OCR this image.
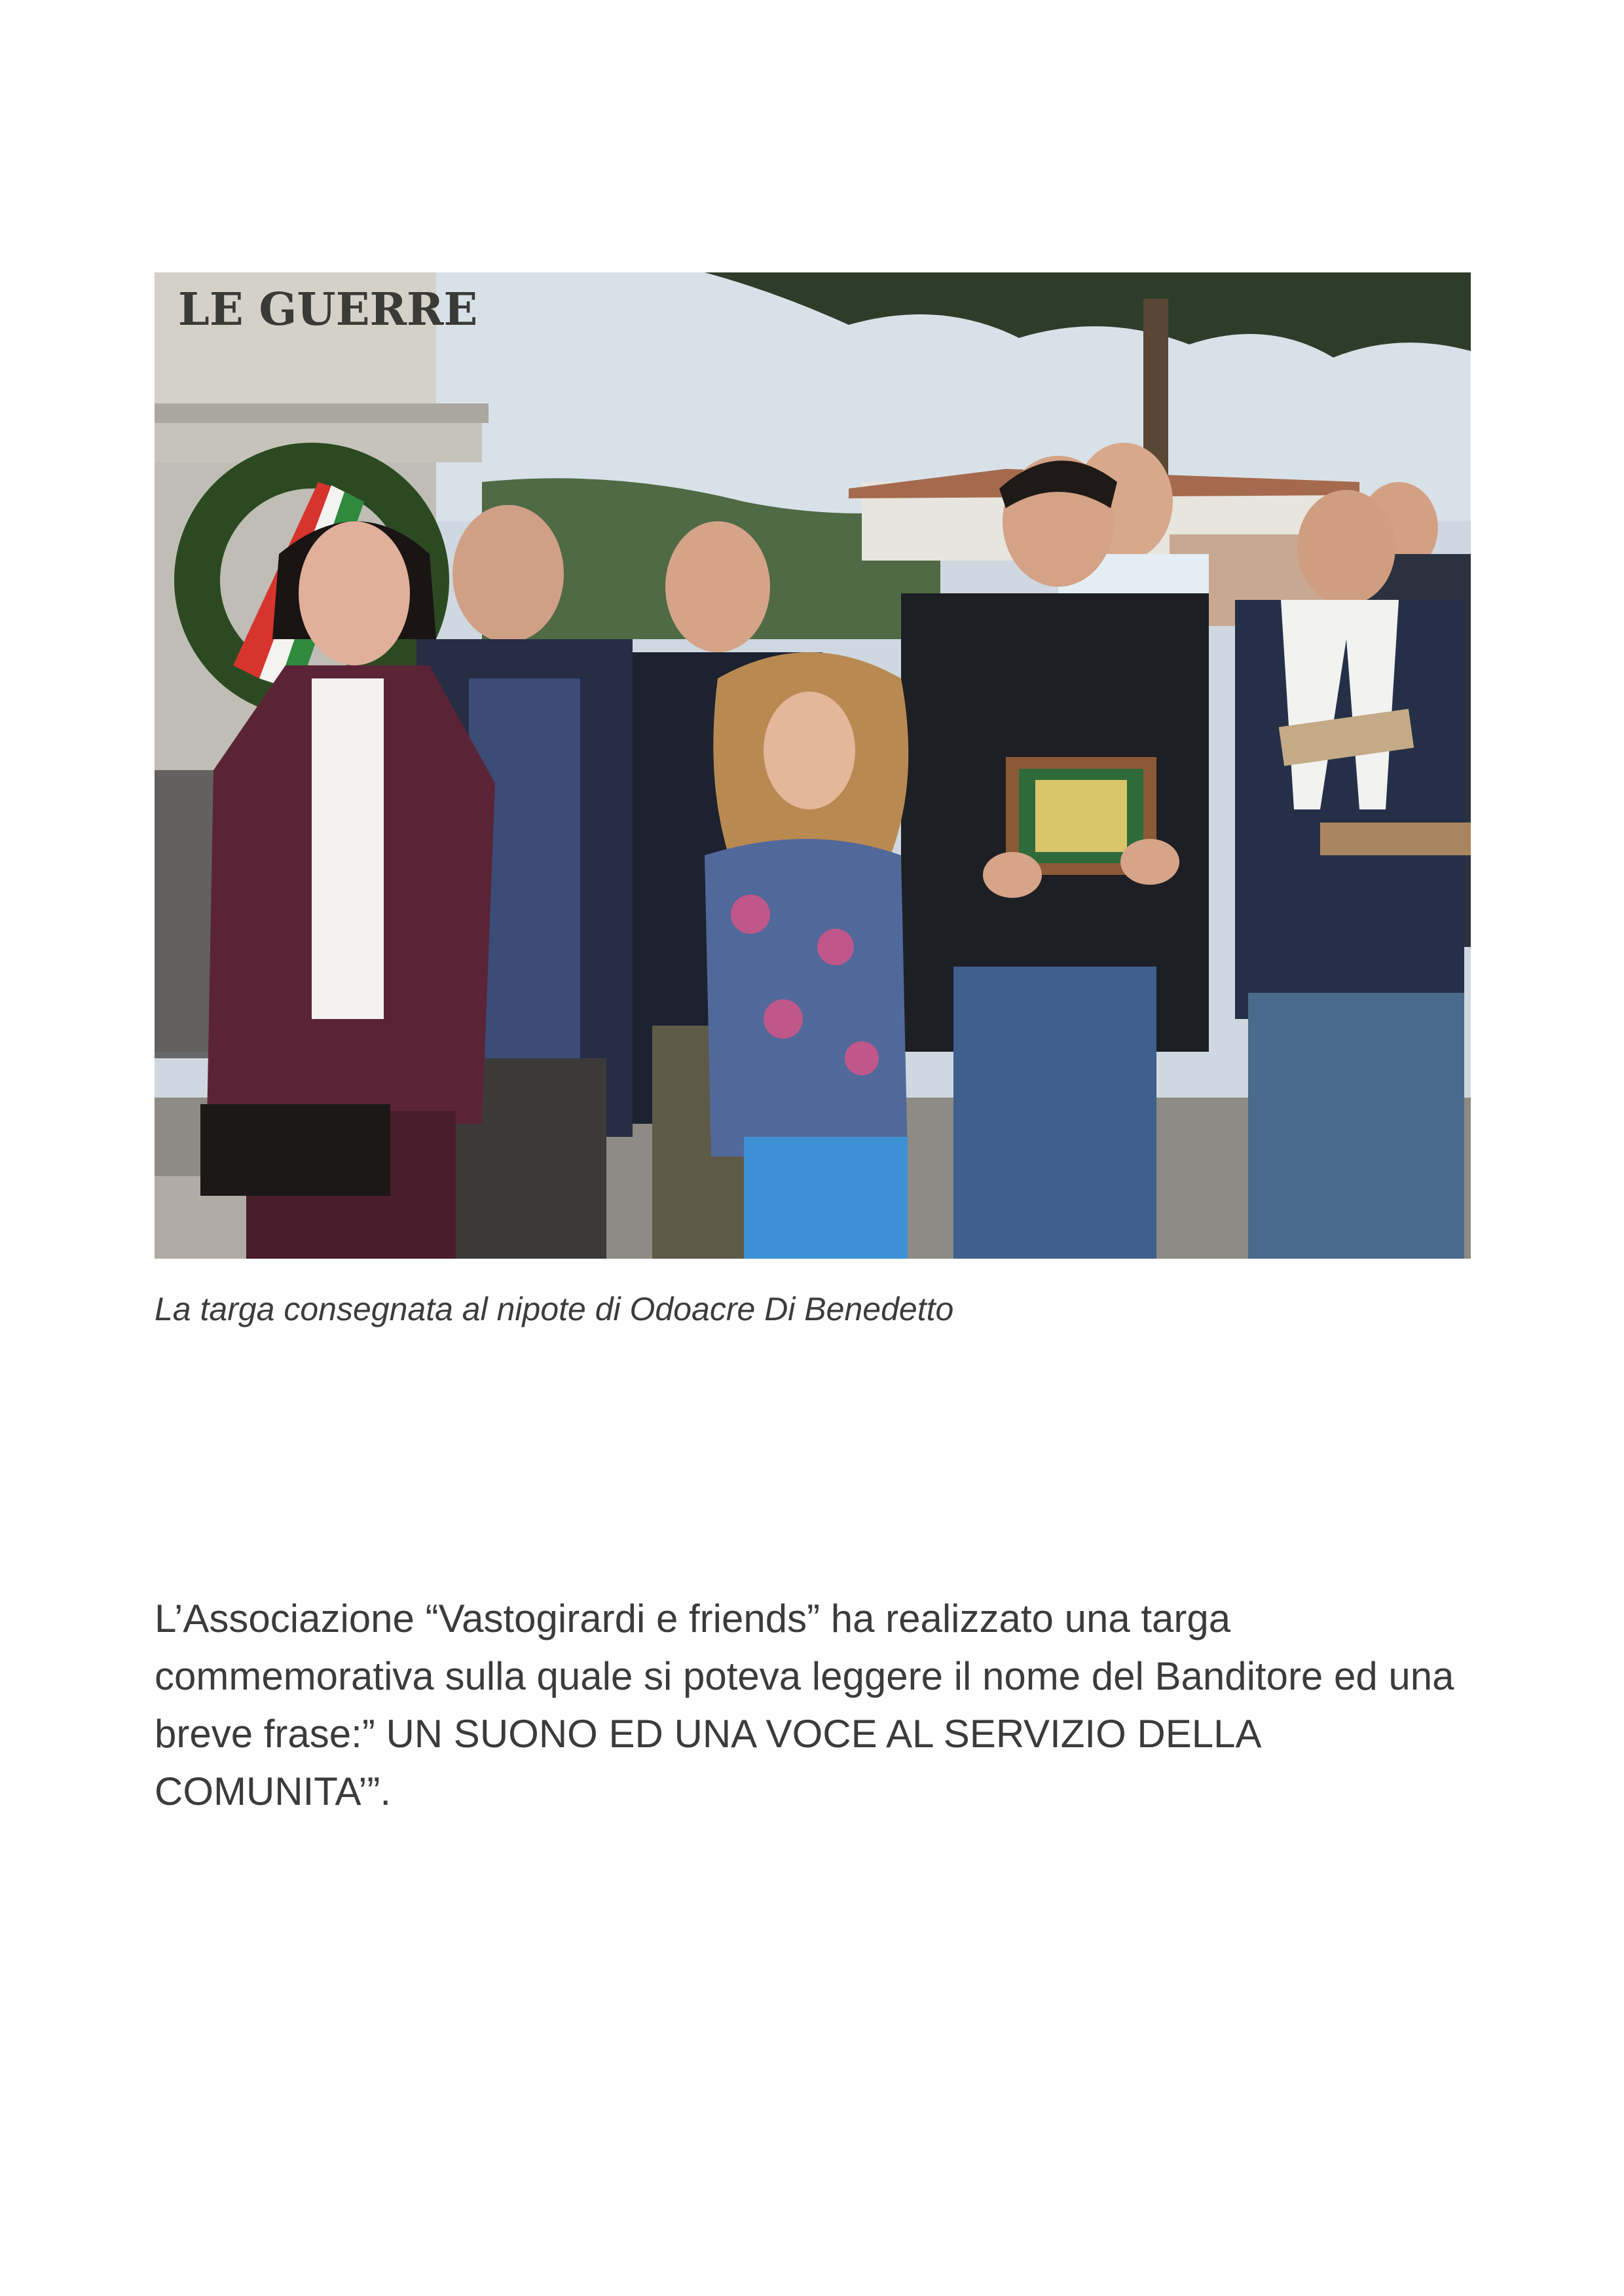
LE GUERRE
La targa consegnata al nipote di Odoacre Di Benedetto
L’Associazione “Vastogirardi e friends” ha realizzato una targa commemorativa sulla quale si poteva leggere il nome del Banditore ed una breve frase:” UN SUONO ED UNA VOCE AL SERVIZIO DELLA COMUNITA’”.
